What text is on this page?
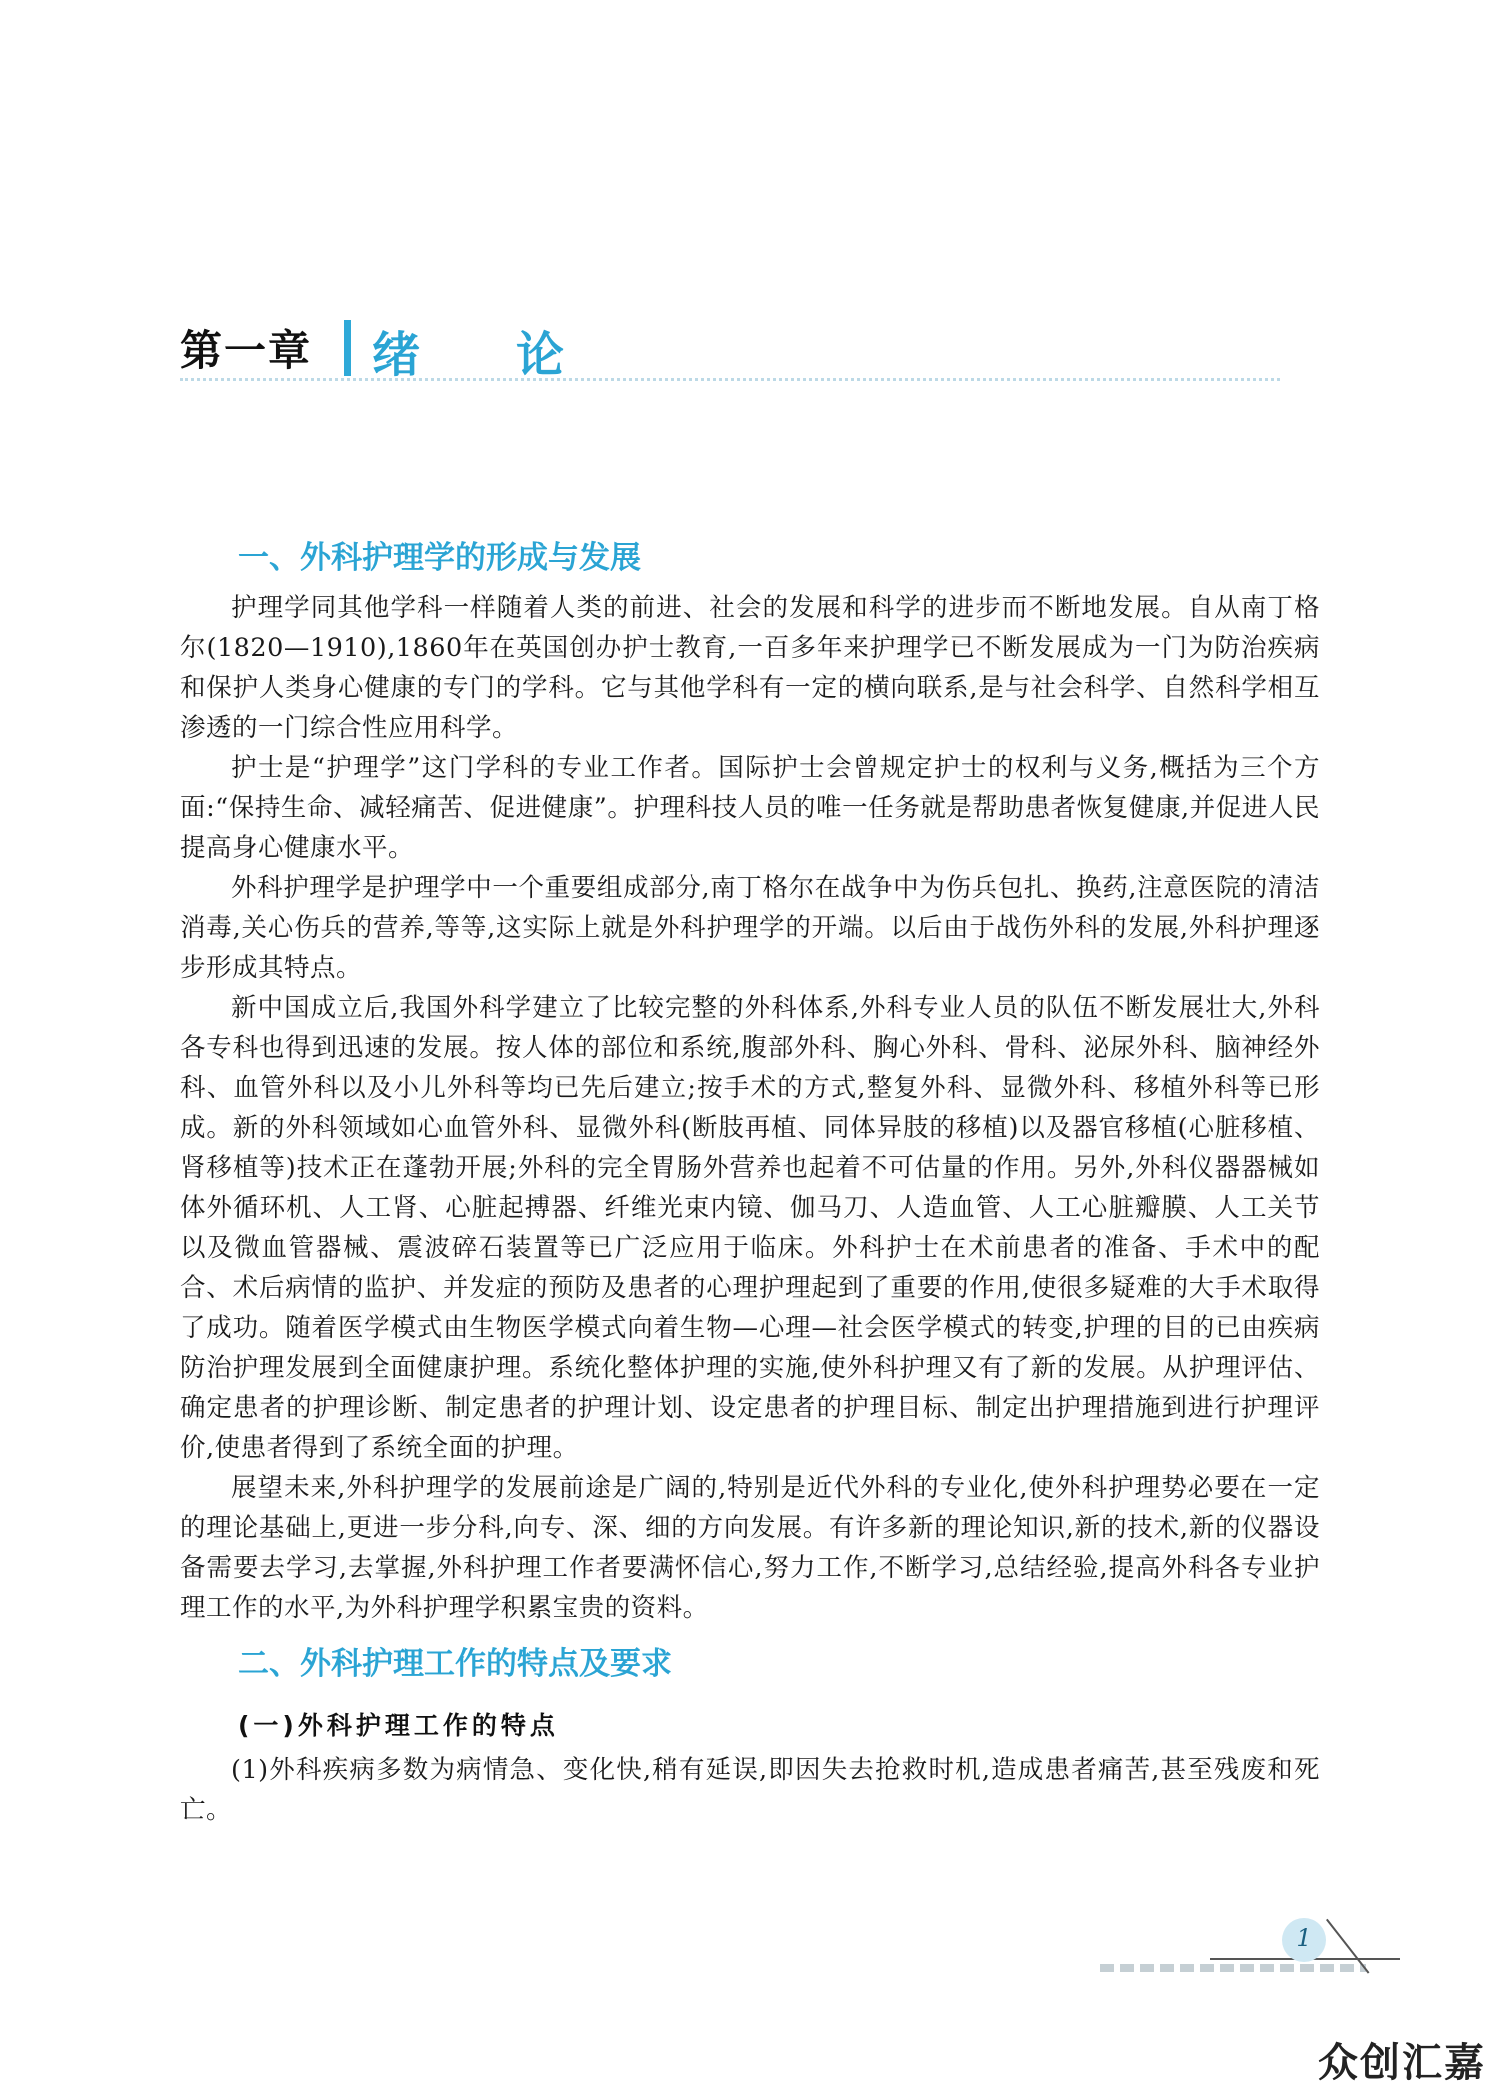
第一章 绪论
一、外科护理学的形成与发展

护理学同其他学科一样随着人类的前进、社会的发展和科学的进步而不断地发展。自从南丁格尔(1820—1910),1860年在英国创办护士教育,一百多年来护理学已不断发展成为一门为防治疾病和保护人类身心健康的专门的学科。它与其他学科有一定的横向联系,是与社会科学、自然科学相互渗透的一门综合性应用科学。

护士是“护理学”这门学科的专业工作者。国际护士会曾规定护士的权利与义务,概括为三个方面:“保持生命、减轻痛苦、促进健康”。护理科技人员的唯一任务就是帮助患者恢复健康,并促进人民提高身心健康水平。

外科护理学是护理学中一个重要组成部分,南丁格尔在战争中为伤兵包扎、换药,注意医院的清洁消毒,关心伤兵的营养,等等,这实际上就是外科护理学的开端。以后由于战伤外科的发展,外科护理逐步形成其特点。

新中国成立后,我国外科学建立了比较完整的外科体系,外科专业人员的队伍不断发展壮大,外科各专科也得到迅速的发展。按人体的部位和系统,腹部外科、胸心外科、骨科、泌尿外科、脑神经外科、血管外科以及小儿外科等均已先后建立;按手术的方式,整复外科、显微外科、移植外科等已形成。新的外科领域如心血管外科、显微外科(断肢再植、同体异肢的移植)以及器官移植(心脏移植、肾移植等)技术正在蓬勃开展;外科的完全胃肠外营养也起着不可估量的作用。另外,外科仪器器械如体外循环机、人工肾、心脏起搏器、纤维光束内镜、伽马刀、人造血管、人工心脏瓣膜、人工关节以及微血管器械、震波碎石装置等已广泛应用于临床。外科护士在术前患者的准备、手术中的配合、术后病情的监护、并发症的预防及患者的心理护理起到了重要的作用,使很多疑难的大手术取得了成功。随着医学模式由生物医学模式向着生物—心理—社会医学模式的转变,护理的目的已由疾病防治护理发展到全面健康护理。系统化整体护理的实施,使外科护理又有了新的发展。从护理评估、确定患者的护理诊断、制定患者的护理计划、设定患者的护理目标、制定出护理措施到进行护理评价,使患者得到了系统全面的护理。

展望未来,外科护理学的发展前途是广阔的,特别是近代外科的专业化,使外科护理势必要在一定的理论基础上,更进一步分科,向专、深、细的方向发展。有许多新的理论知识,新的技术,新的仪器设备需要去学习,去掌握,外科护理工作者要满怀信心,努力工作,不断学习,总结经验,提高外科各专业护理工作的水平,为外科护理学积累宝贵的资料。

二、外科护理工作的特点及要求
(一)外科护理工作的特点

(1)外科疾病多数为病情急、变化快,稍有延误,即因失去抢救时机,造成患者痛苦,甚至残废和死亡。

1
众创汇嘉
